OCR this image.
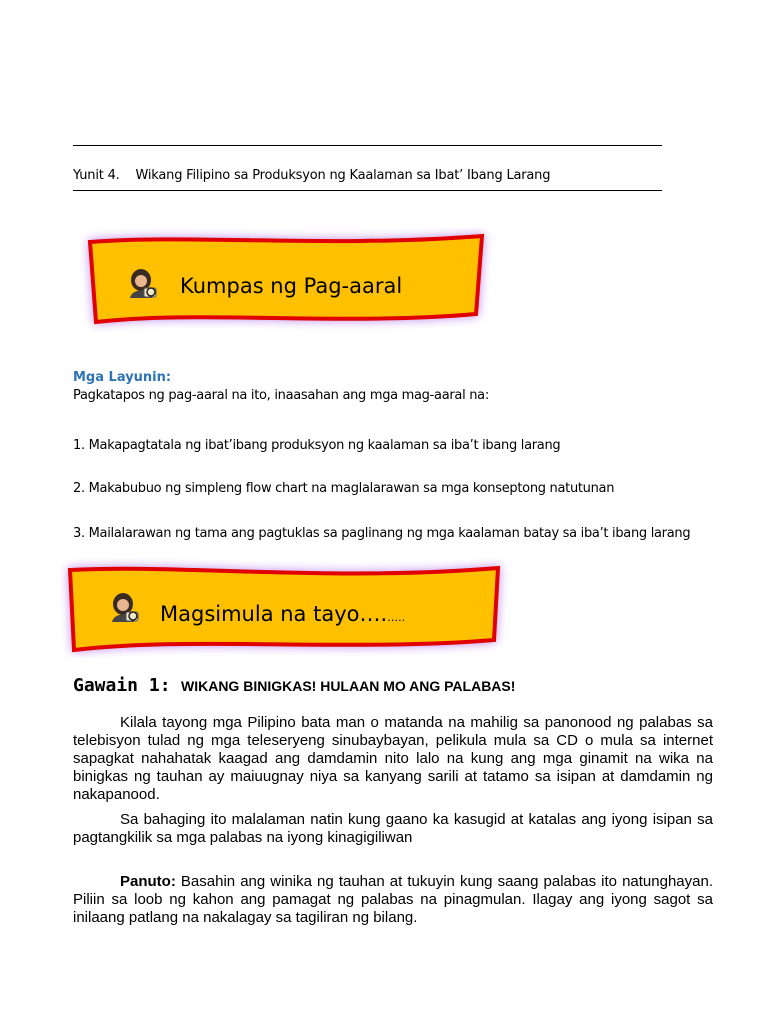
Yunit 4. Wikang Filipino sa Produksyon ng Kaalaman sa Ibat’ Ibang Larang
Kumpas ng Pag-aaral
Mga Layunin:
Pagkatapos ng pag-aaral na ito, inaasahan ang mga mag-aaral na:
1. Makapagtatala ng ibat’ibang produksyon ng kaalaman sa iba’t ibang larang
2. Makabubuo ng simpleng flow chart na maglalarawan sa mga konseptong natutunan
3. Mailalarawan ng tama ang pagtuklas sa paglinang ng mga kaalaman batay sa iba’t ibang larang
Magsimula na tayo….…..
Gawain 1: WIKANG BINIGKAS! HULAAN MO ANG PALABAS!
Kilala tayong mga Pilipino bata man o matanda na mahilig sa panonood ng palabas sa telebisyon tulad ng mga teleseryeng sinubaybayan, pelikula mula sa CD o mula sa internet sapagkat nahahatak kaagad ang damdamin nito lalo na kung ang mga ginamit na wika na binigkas ng tauhan ay maiuugnay niya sa kanyang sarili at tatamo sa isipan at damdamin ng nakapanood.
Sa bahaging ito malalaman natin kung gaano ka kasugid at katalas ang iyong isipan sa pagtangkilik sa mga palabas na iyong kinagigiliwan
Panuto: Basahin ang winika ng tauhan at tukuyin kung saang palabas ito natunghayan. Piliin sa loob ng kahon ang pamagat ng palabas na pinagmulan. Ilagay ang iyong sagot sa inilaang patlang na nakalagay sa tagiliran ng bilang.
